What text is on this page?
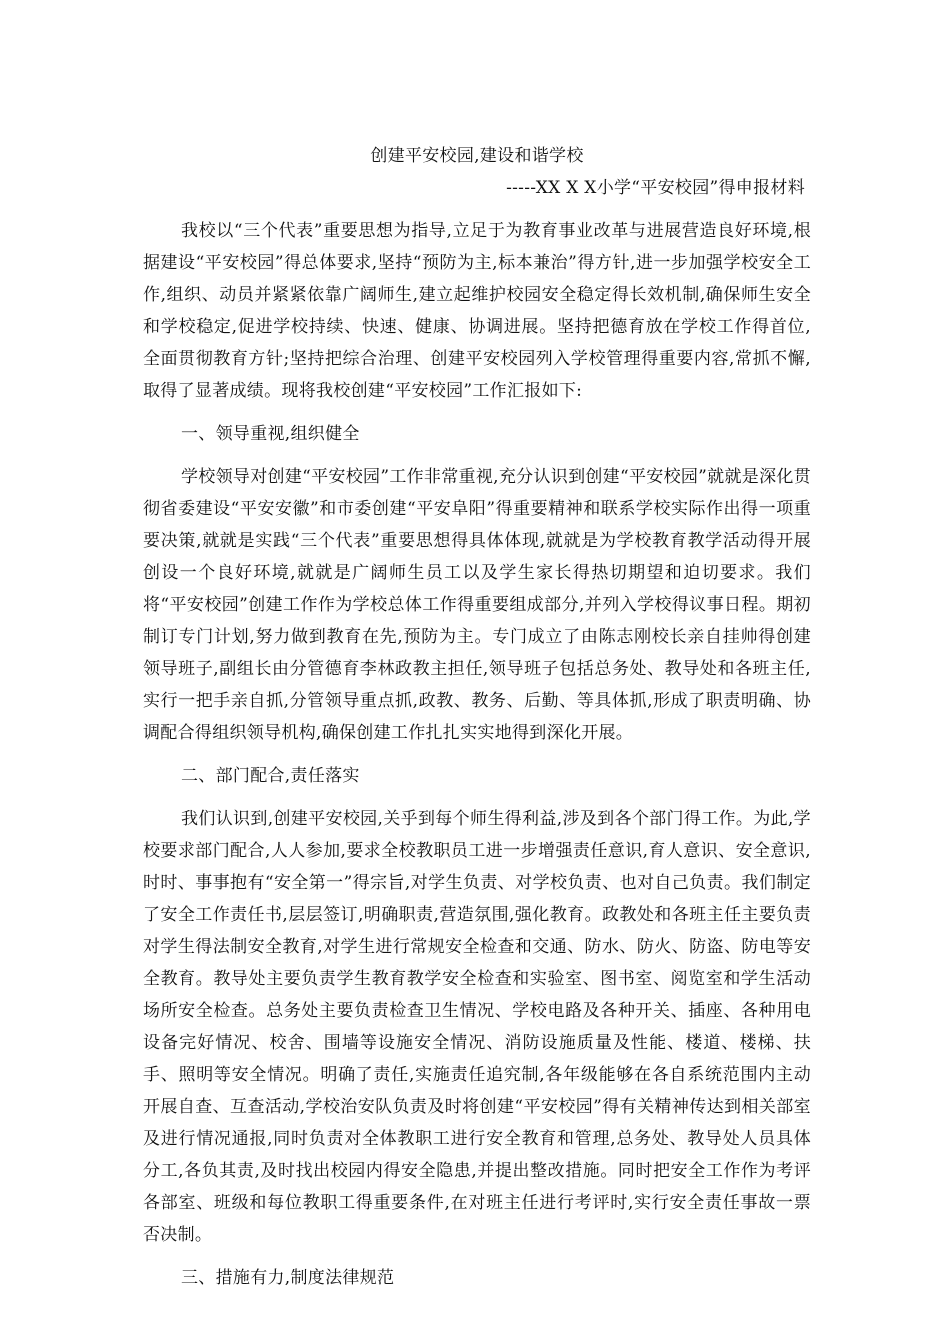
创建平安校园,建设和谐学校

-----XX X X小学“平安校园”得申报材料

我校以“三个代表”重要思想为指导,立足于为教育事业改革与进展营造良好环境,根据建设“平安校园”得总体要求,坚持“预防为主,标本兼治”得方针,进一步加强学校安全工作,组织、动员并紧紧依靠广阔师生,建立起维护校园安全稳定得长效机制,确保师生安全和学校稳定,促进学校持续、快速、健康、协调进展。坚持把德育放在学校工作得首位,全面贯彻教育方针;坚持把综合治理、创建平安校园列入学校管理得重要内容,常抓不懈,取得了显著成绩。现将我校创建“平安校园”工作汇报如下:

一、领导重视,组织健全

学校领导对创建“平安校园”工作非常重视,充分认识到创建“平安校园”就就是深化贯彻省委建设“平安安徽”和市委创建“平安阜阳”得重要精神和联系学校实际作出得一项重要决策,就就是实践“三个代表”重要思想得具体体现,就就是为学校教育教学活动得开展创设一个良好环境,就就是广阔师生员工以及学生家长得热切期望和迫切要求。我们将“平安校园”创建工作作为学校总体工作得重要组成部分,并列入学校得议事日程。期初制订专门计划,努力做到教育在先,预防为主。专门成立了由陈志刚校长亲自挂帅得创建领导班子,副组长由分管德育李林政教主担任,领导班子包括总务处、教导处和各班主任,实行一把手亲自抓,分管领导重点抓,政教、教务、后勤、等具体抓,形成了职责明确、协调配合得组织领导机构,确保创建工作扎扎实实地得到深化开展。

二、部门配合,责任落实

我们认识到,创建平安校园,关乎到每个师生得利益,涉及到各个部门得工作。为此,学校要求部门配合,人人参加,要求全校教职员工进一步增强责任意识,育人意识、安全意识,时时、事事抱有“安全第一”得宗旨,对学生负责、对学校负责、也对自己负责。我们制定了安全工作责任书,层层签订,明确职责,营造氛围,强化教育。政教处和各班主任主要负责对学生得法制安全教育,对学生进行常规安全检查和交通、防水、防火、防盗、防电等安全教育。教导处主要负责学生教育教学安全检查和实验室、图书室、阅览室和学生活动场所安全检查。总务处主要负责检查卫生情况、学校电路及各种开关、插座、各种用电设备完好情况、校舍、围墙等设施安全情况、消防设施质量及性能、楼道、楼梯、扶手、照明等安全情况。明确了责任,实施责任追究制,各年级能够在各自系统范围内主动开展自查、互查活动,学校治安队负责及时将创建“平安校园”得有关精神传达到相关部室及进行情况通报,同时负责对全体教职工进行安全教育和管理,总务处、教导处人员具体分工,各负其责,及时找出校园内得安全隐患,并提出整改措施。同时把安全工作作为考评各部室、班级和每位教职工得重要条件,在对班主任进行考评时,实行安全责任事故一票否决制。

三、措施有力,制度法律规范
